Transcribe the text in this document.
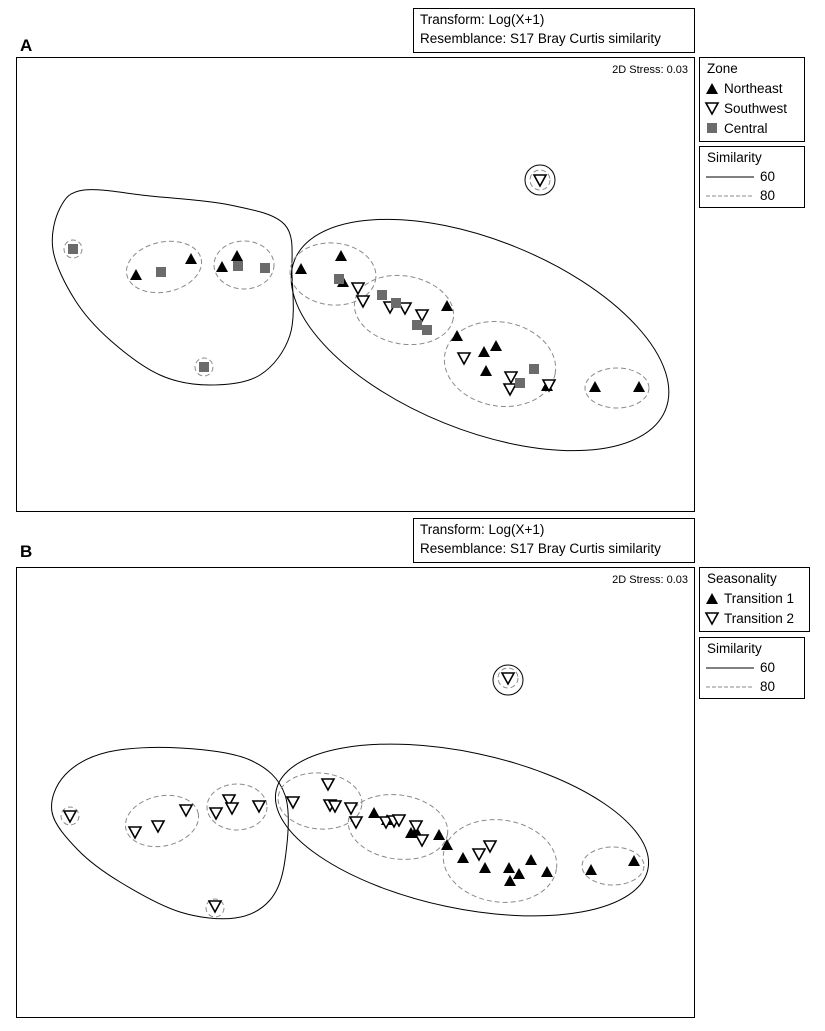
A
Transform: Log(X+1)
Resemblance: S17 Bray Curtis similarity
2D Stress: 0.03 Zone
Northeast
Southwest
Central
Similarity
60
80
B
Transform: Log(X+1)
Resemblance: S17 Bray Curtis similarity
2D Stress: 0.03 Seasonality
Transition 1
Transition 2
Similarity
60
80
